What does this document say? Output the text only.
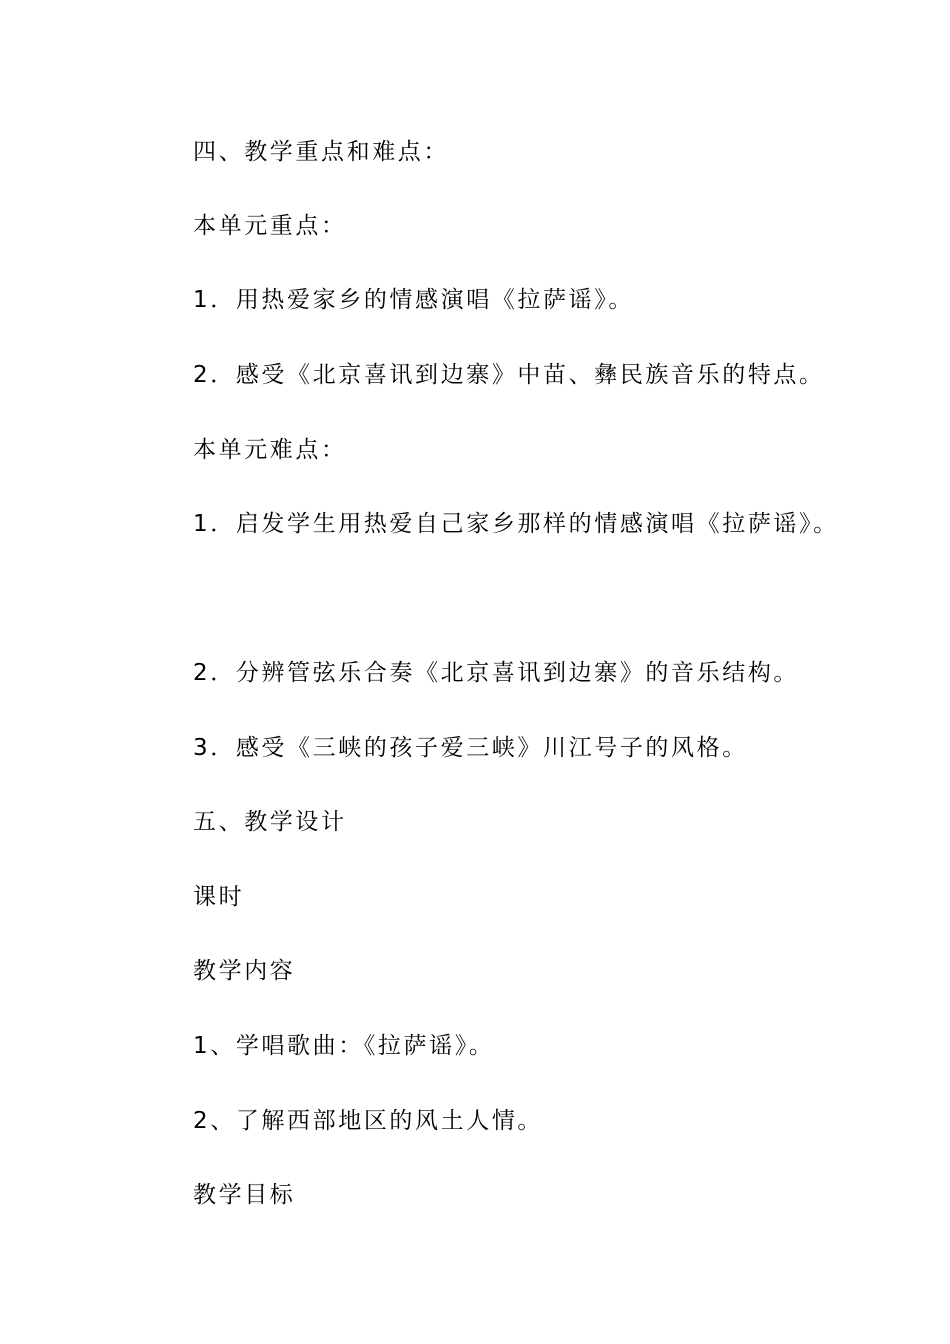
四、教学重点和难点：
本单元重点：
1．用热爱家乡的情感演唱《拉萨谣》。
2．感受《北京喜讯到边寨》中苗、彝民族音乐的特点。
本单元难点：
1．启发学生用热爱自己家乡那样的情感演唱《拉萨谣》。
2．分辨管弦乐合奏《北京喜讯到边寨》的音乐结构。
3．感受《三峡的孩子爱三峡》川江号子的风格。
五、教学设计
课时
教学内容
1、学唱歌曲：《拉萨谣》。
2、了解西部地区的风土人情。
教学目标
